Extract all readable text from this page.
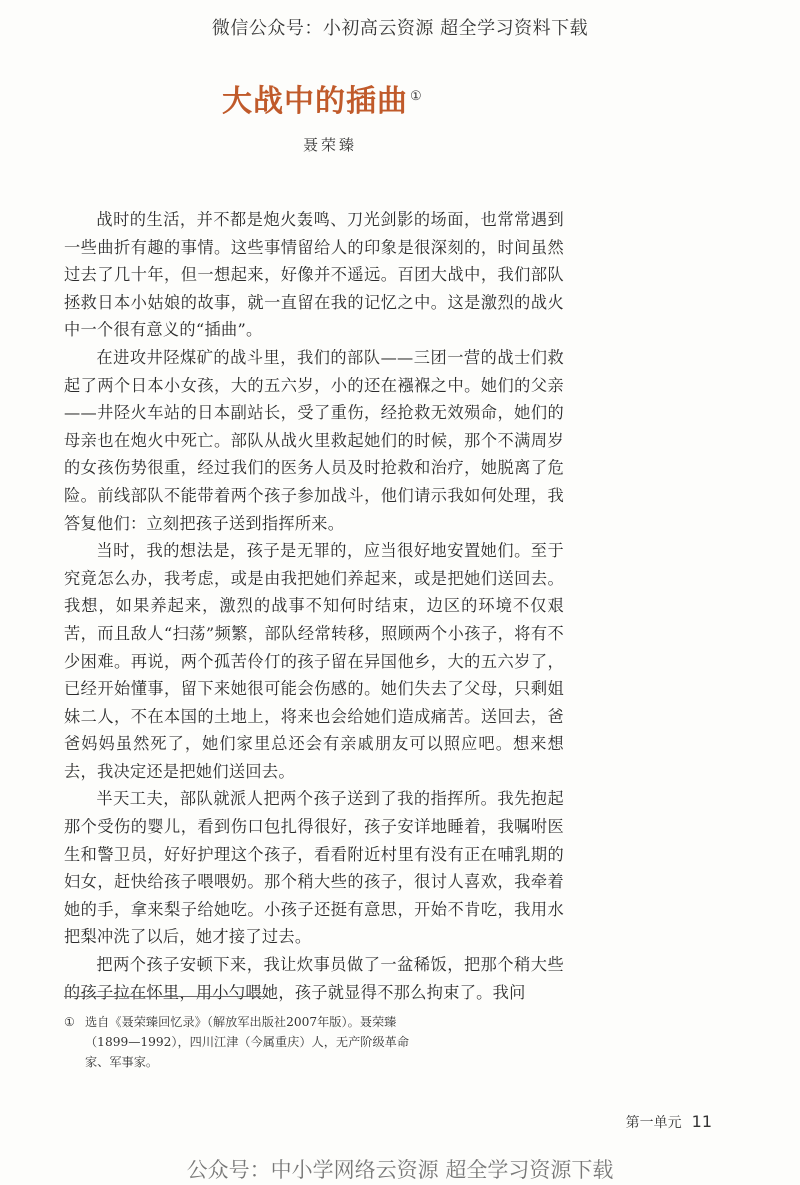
微信公众号：小初高云资源 超全学习资料下载
大战中的插曲 ①
聂荣臻

战时的生活，并不都是炮火轰鸣、刀光剑影的场面，也常常遇到一些曲折有趣的事情。这些事情留给人的印象是很深刻的，时间虽然过去了几十年，但一想起来，好像并不遥远。百团大战中，我们部队拯救日本小姑娘的故事，就一直留在我的记忆之中。这是激烈的战火中一个很有意义的“插曲”。

在进攻井陉煤矿的战斗里，我们的部队——三团一营的战士们救起了两个日本小女孩，大的五六岁，小的还在襁褓之中。她们的父亲——井陉火车站的日本副站长，受了重伤，经抢救无效殒命，她们的母亲也在炮火中死亡。部队从战火里救起她们的时候，那个不满周岁的女孩伤势很重，经过我们的医务人员及时抢救和治疗，她脱离了危险。前线部队不能带着两个孩子参加战斗，他们请示我如何处理，我答复他们：立刻把孩子送到指挥所来。

当时，我的想法是，孩子是无罪的，应当很好地安置她们。至于究竟怎么办，我考虑，或是由我把她们养起来，或是把她们送回去。我想，如果养起来，激烈的战事不知何时结束，边区的环境不仅艰苦，而且敌人“扫荡”频繁，部队经常转移，照顾两个小孩子，将有不少困难。再说，两个孤苦伶仃的孩子留在异国他乡，大的五六岁了，已经开始懂事，留下来她很可能会伤感的。她们失去了父母，只剩姐妹二人，不在本国的土地上，将来也会给她们造成痛苦。送回去，爸爸妈妈虽然死了，她们家里总还会有亲戚朋友可以照应吧。想来想去，我决定还是把她们送回去。

半天工夫，部队就派人把两个孩子送到了我的指挥所。我先抱起那个受伤的婴儿，看到伤口包扎得很好，孩子安详地睡着，我嘱咐医生和警卫员，好好护理这个孩子，看看附近村里有没有正在哺乳期的妇女，赶快给孩子喂喂奶。那个稍大些的孩子，很讨人喜欢，我牵着她的手，拿来梨子给她吃。小孩子还挺有意思，开始不肯吃，我用水把梨冲洗了以后，她才接了过去。

把两个孩子安顿下来，我让炊事员做了一盆稀饭，把那个稍大些的孩子拉在怀里，用小勺喂她，孩子就显得不那么拘束了。我问

① 选自《聂荣臻回忆录》（解放军出版社2007年版）。聂荣臻（1899—1992），四川江津（今属重庆）人，无产阶级革命家、军事家。
第一单元 11
公众号：中小学网络云资源 超全学习资源下载
